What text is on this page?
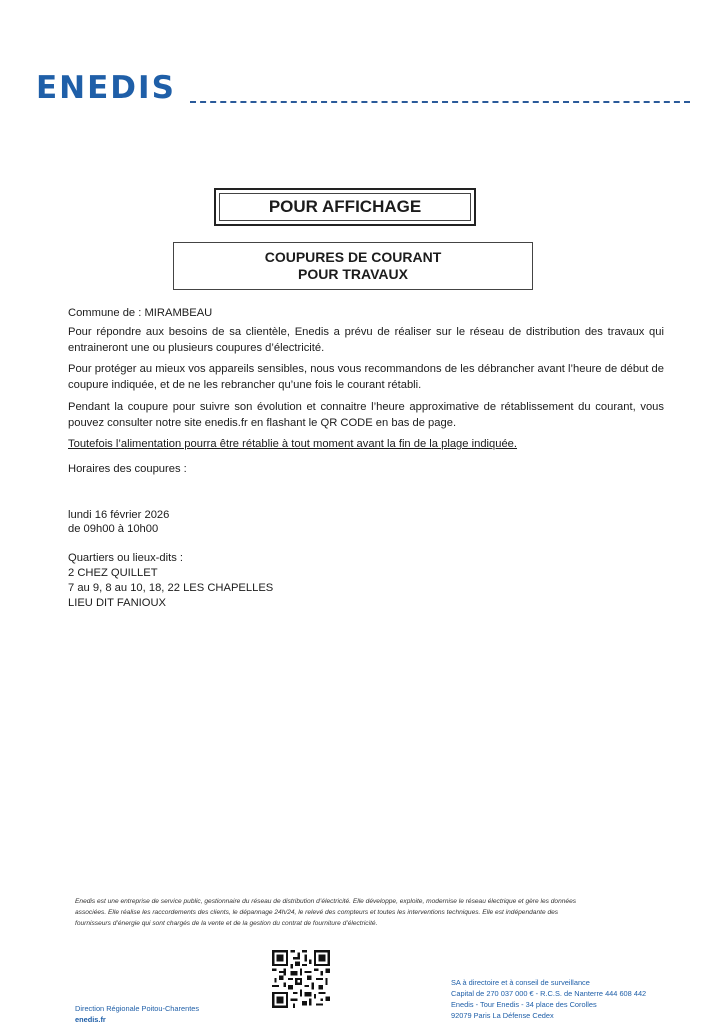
ENEDIS
POUR AFFICHAGE
COUPURES DE COURANT
POUR TRAVAUX
Commune de : MIRAMBEAU
Pour répondre aux besoins de sa clientèle, Enedis a prévu de réaliser sur le réseau de distribution des travaux qui entraineront une ou plusieurs coupures d’électricité.
Pour protéger au mieux vos appareils sensibles, nous vous recommandons de les débrancher avant l’heure de début de coupure indiquée, et de ne les rebrancher qu’une fois le courant rétabli.
Pendant la coupure pour suivre son évolution et connaitre l’heure approximative de rétablissement du courant, vous pouvez consulter notre site enedis.fr en flashant le QR CODE en bas de page.
Toutefois l’alimentation pourra être rétablie à tout moment avant la fin de la plage indiquée.
Horaires des coupures :
lundi 16 février 2026
de 09h00 à 10h00
Quartiers ou lieux-dits :
2 CHEZ QUILLET
7 au 9, 8 au 10, 18, 22 LES CHAPELLES
LIEU DIT FANIOUX
Enedis est une entreprise de service public, gestionnaire du réseau de distribution d’électricité. Elle développe, exploite, modernise le réseau électrique et gère les données
associées. Elle réalise les raccordements des clients, le dépannage 24h/24, le relevé des compteurs et toutes les interventions techniques. Elle est indépendante des
fournisseurs d’énergie qui sont chargés de la vente et de la gestion du contrat de fourniture d’électricité.
Direction Régionale Poitou-Charentes
enedis.fr
SA à directoire et à conseil de surveillance
Capital de 270 037 000 € - R.C.S. de Nanterre 444 608 442
Enedis - Tour Enedis - 34 place des Corolles
92079 Paris La Défense Cedex
